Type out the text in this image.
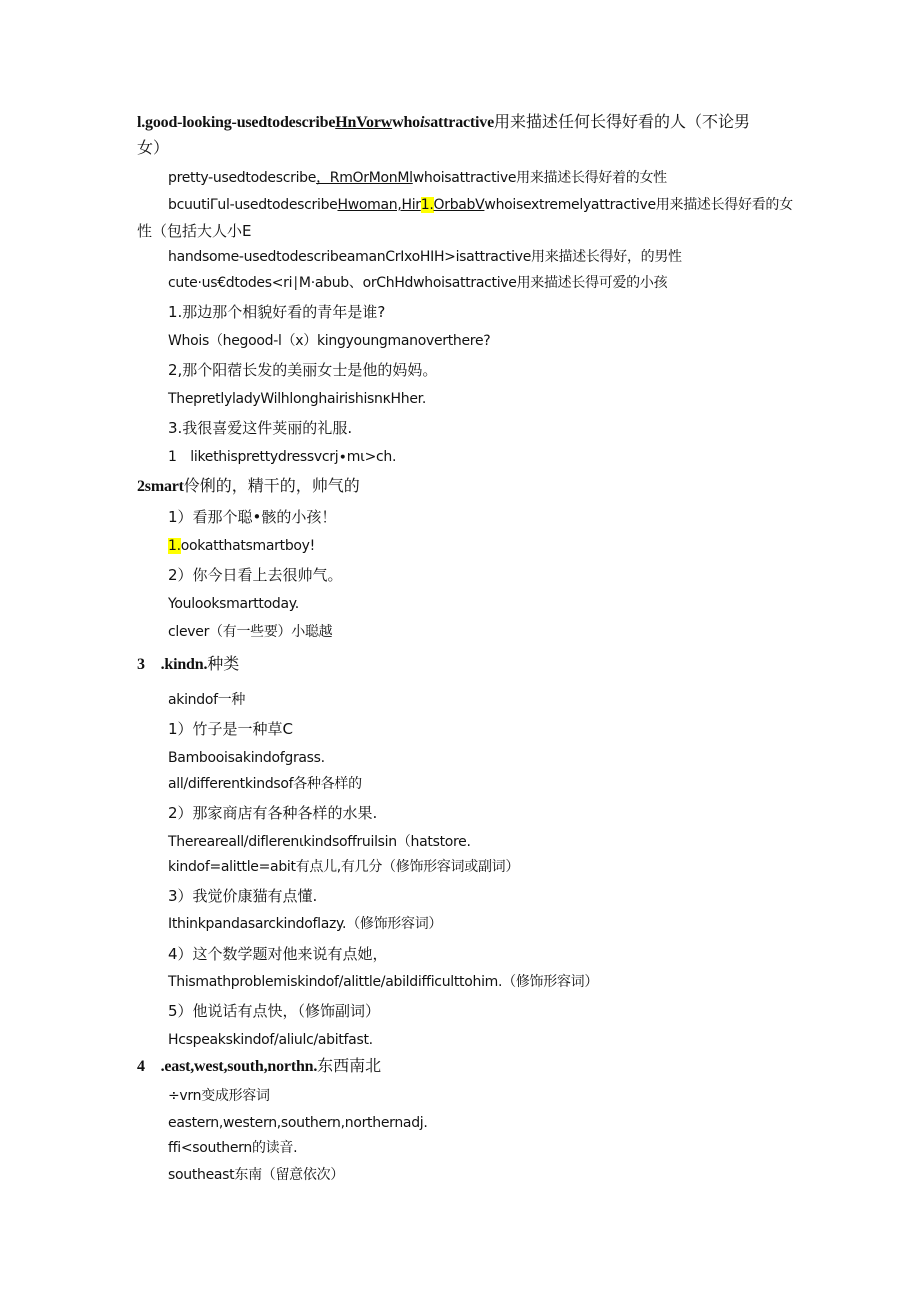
l.good-looking-usedtodescribeHnVorwwhoisattractive用来描述任何长得好看的人（不论男
女）
pretty-usedtodescribe，RmOrMonMlwhoisattractive用来描述长得好着的女性
bcuutiΓul-usedtodescribeHwoman,Hir1.OrbabVwhoisextremelyattractive用来描述长得好看的女
性（包括大人小E
handsome-usedtodescribeamanCrIxoHIH>isattractive用来描述长得好，的男性
cute·us€dtodes<ri∣M·abub、orChHdwhoisattractive用来描述长得可爱的小孩
1.那边那个相貌好看的青年是谁?
Whois（hegood-l（x）kingyoungmanoverthere?
2,那个阳蓿长发的美丽女士是他的妈妈。
ThepretlyladyWilhlonghairishisnκHher.
3.我很喜爱这件荚丽的礼服.
1　likethisprettydressvcrj∙mι>ch.
2smart伶俐的，精干的，帅气的
1）看那个聪•骸的小孩！
1.ookatthatsmartboy!
2）你今日看上去很帅气。
Youlooksmarttoday.
clever（有一些要）小聪越
3　.kindn.种类
akindof一种
1）竹子是一种草C
Bambooisakindofgrass.
all/differentkindsof各种各样的
2）那家商店有各种各样的水果.
Thereareall/diflerenιkindsoffruilsin（hatstore.
kindof=alittle=abit有点儿,有几分（修饰形容词或副词）
3）我觉价康猫有点懂.
Ithinkpandasarckindoflazy.（修饰形容词）
4）这个数学题对他来说有点她，
Thismathproblemiskindof/alittle/abildifficulttohim.（修饰形容词）
5）他说话有点快，（修饰副词）
Hcspeakskindof/aliulc/abitfast.
4　.east,west,south,northn.东西南北
÷vrn变成形容词
eastern,western,southern,northernadj.
ffi<southern的读音.
southeast东南（留意依次）
